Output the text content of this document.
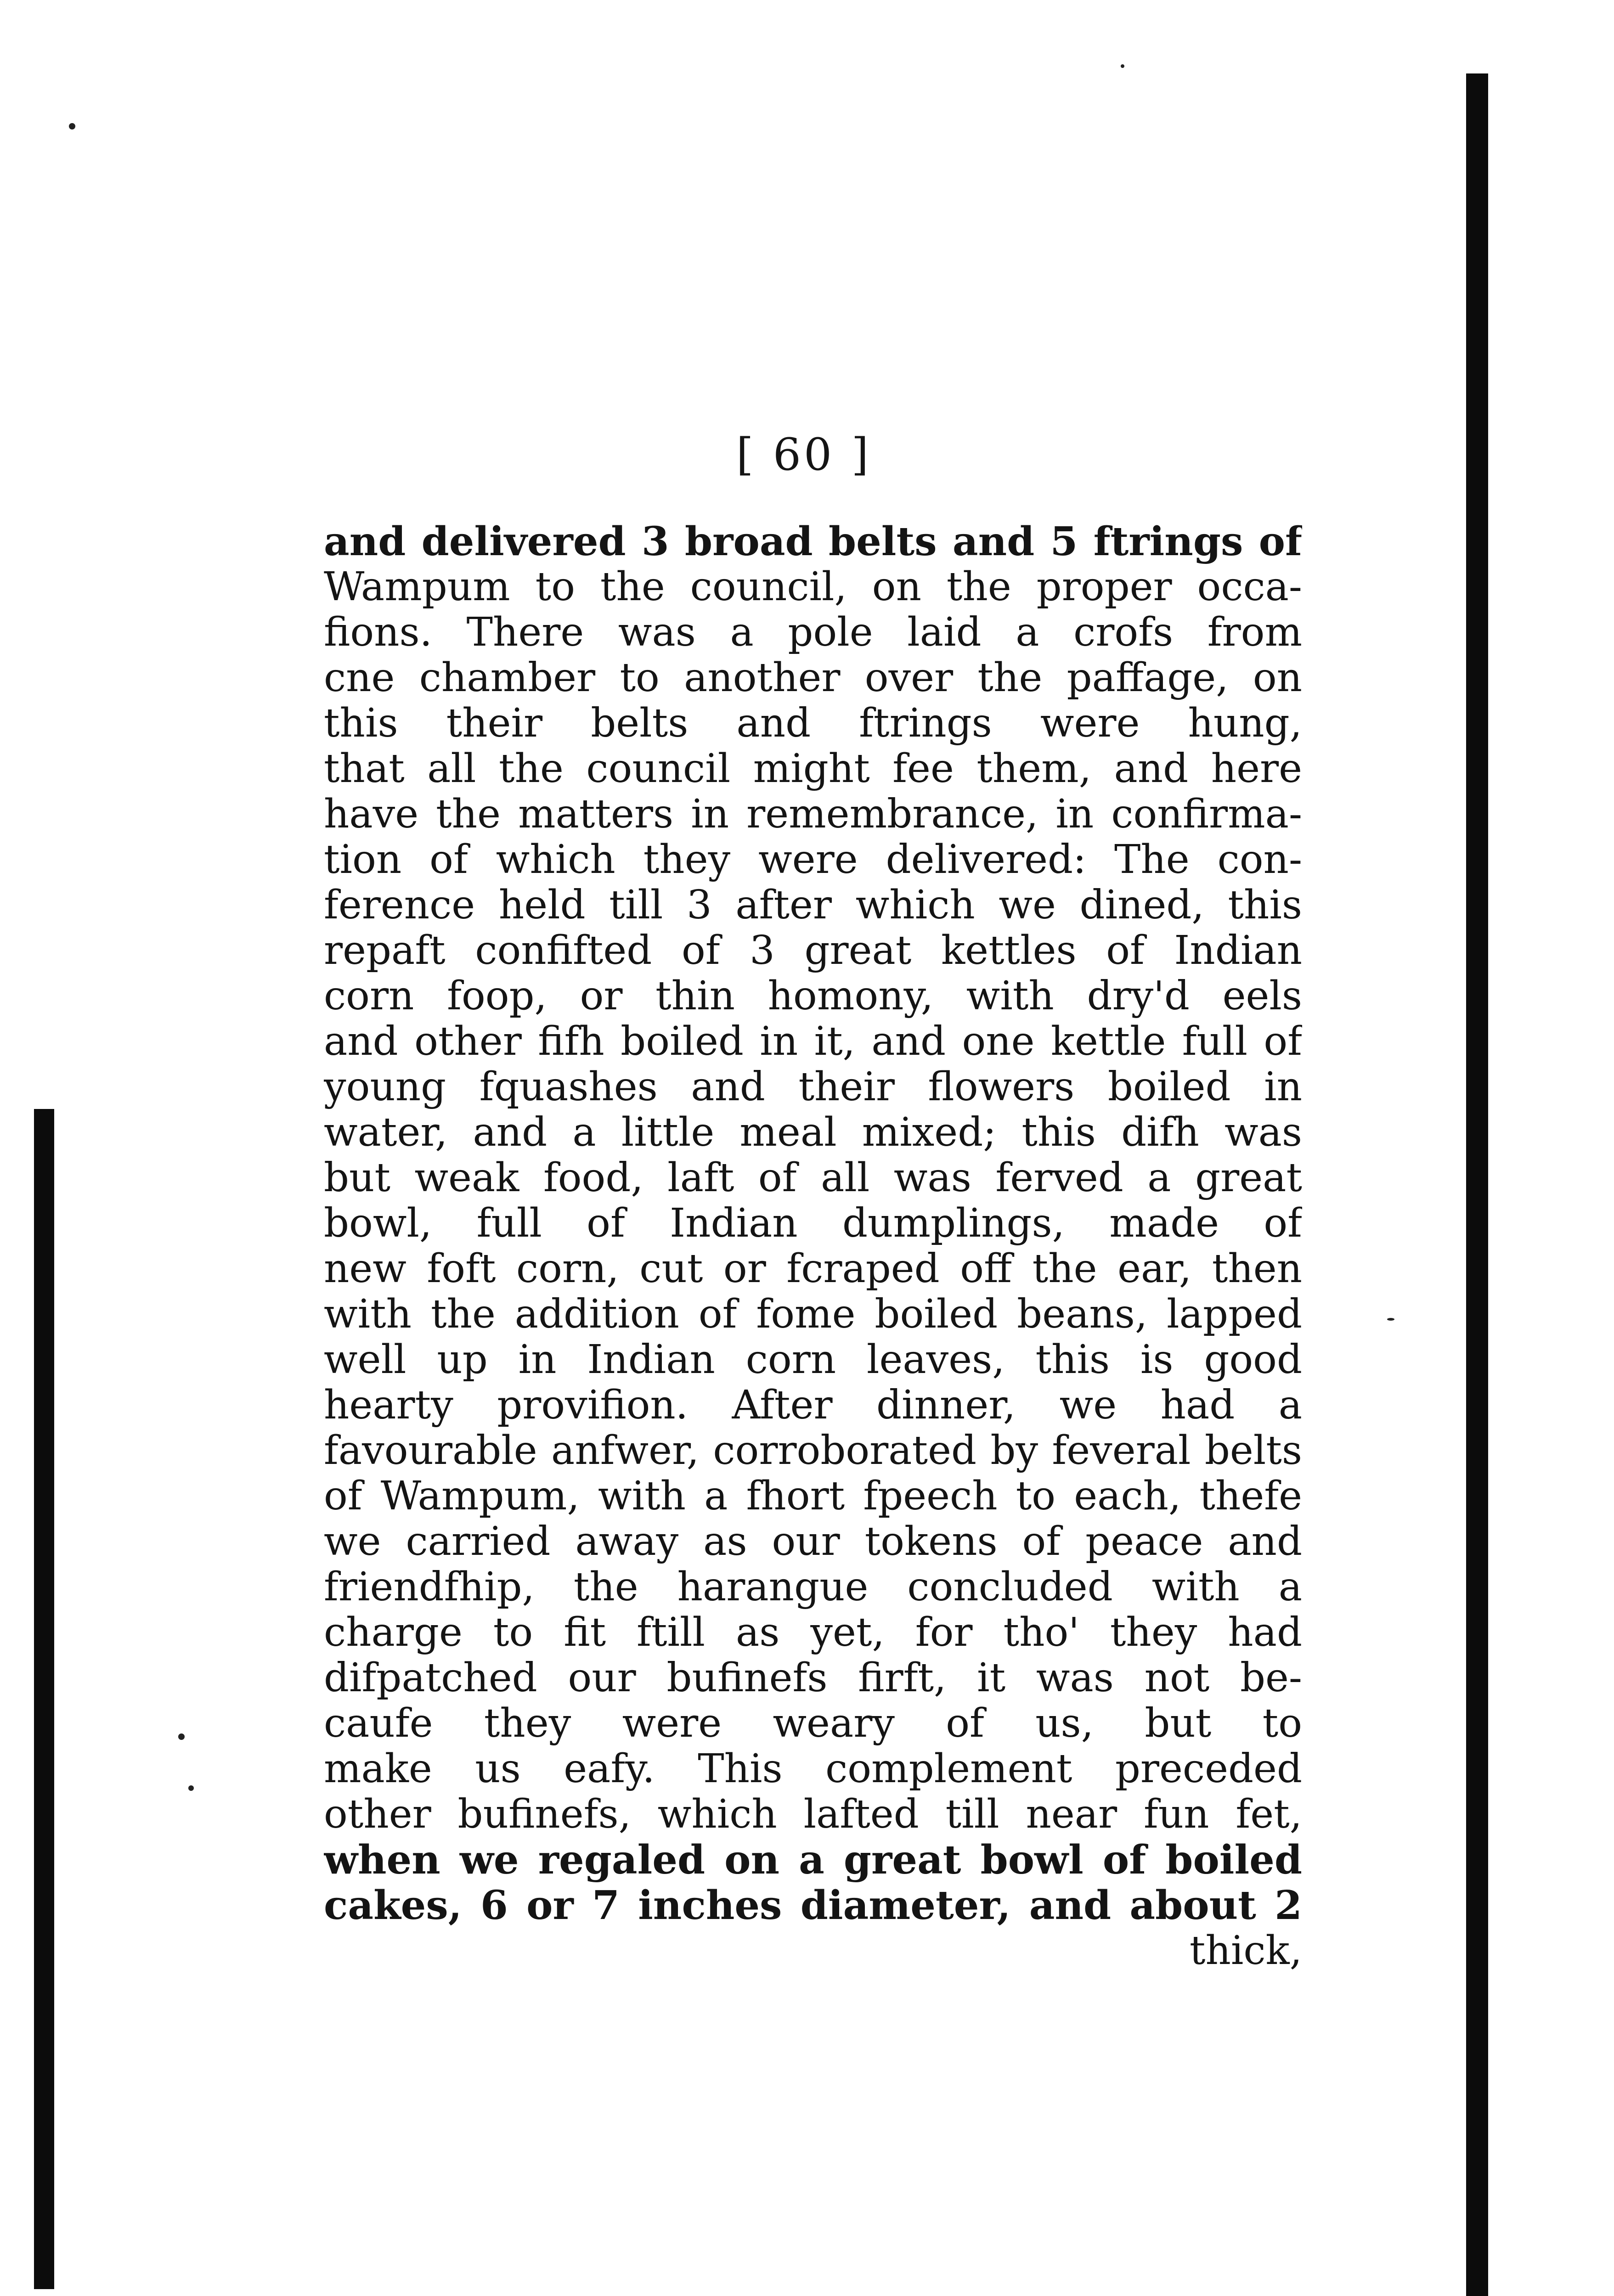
[ 60 ]
and delivered 3 broad belts and 5 ftrings of
Wampum to the council, on the proper occa-
fions. There was a pole laid a crofs from
cne chamber to another over the paffage, on
this their belts and ftrings were hung,
that all the council might fee them, and here
have the matters in remembrance, in confirma-
tion of which they were delivered: The con-
ference held till 3 after which we dined, this
repaft confifted of 3 great kettles of Indian
corn foop, or thin homony, with dry'd eels
and other fifh boiled in it, and one kettle full of
young fquashes and their flowers boiled in
water, and a little meal mixed; this difh was
but weak food, laft of all was ferved a great
bowl, full of Indian dumplings, made of
new foft corn, cut or fcraped off the ear, then
with the addition of fome boiled beans, lapped
well up in Indian corn leaves, this is good
hearty provifion. After dinner, we had a
favourable anfwer, corroborated by feveral belts
of Wampum, with a fhort fpeech to each, thefe
we carried away as our tokens of peace and
friendfhip, the harangue concluded with a
charge to fit ftill as yet, for tho' they had
difpatched our bufinefs firft, it was not be-
caufe they were weary of us, but to
make us eafy. This complement preceded
other bufinefs, which lafted till near fun fet,
when we regaled on a great bowl of boiled
cakes, 6 or 7 inches diameter, and about 2
thick,
